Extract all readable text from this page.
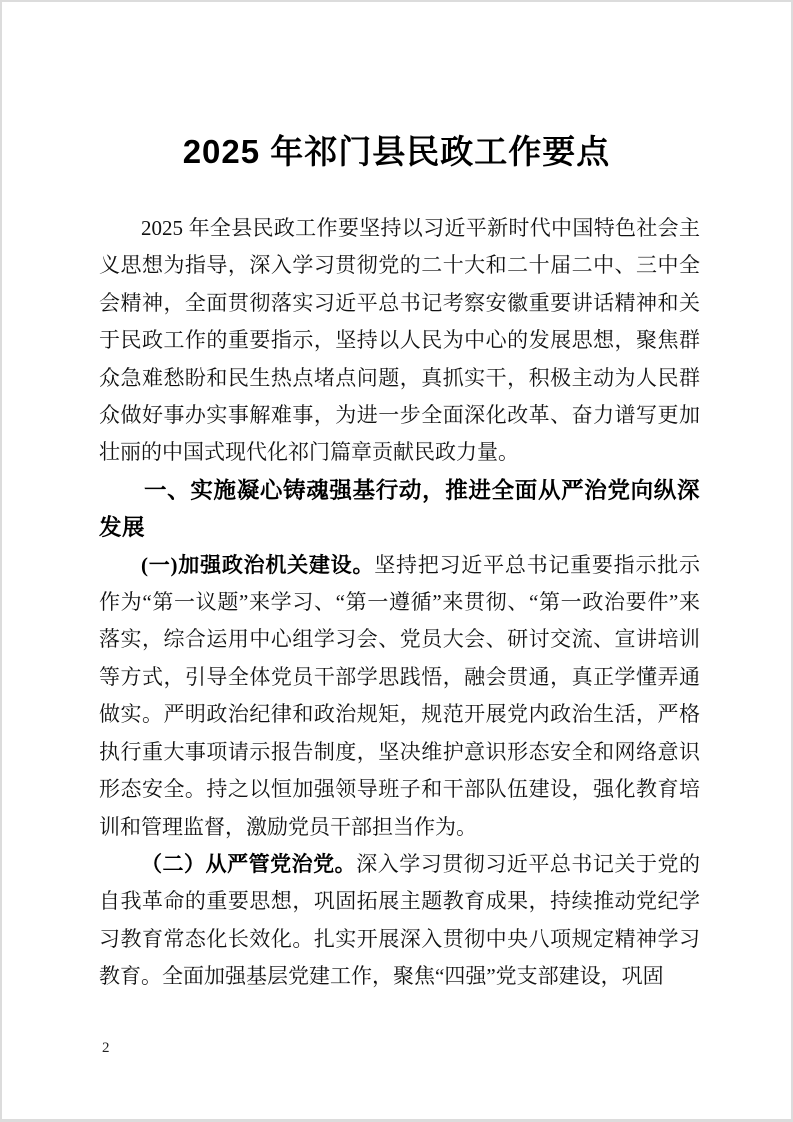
2025 年祁门县民政工作要点

2025 年全县民政工作要坚持以习近平新时代中国特色社会主义思想为指导，深入学习贯彻党的二十大和二十届二中、三中全会精神，全面贯彻落实习近平总书记考察安徽重要讲话精神和关于民政工作的重要指示，坚持以人民为中心的发展思想，聚焦群众急难愁盼和民生热点堵点问题，真抓实干，积极主动为人民群众做好事办实事解难事，为进一步全面深化改革、奋力谱写更加壮丽的中国式现代化祁门篇章贡献民政力量。

一、实施凝心铸魂强基行动，推进全面从严治党向纵深发展

(一)加强政治机关建设。坚持把习近平总书记重要指示批示作为“第一议题”来学习、“第一遵循”来贯彻、“第一政治要件”来落实，综合运用中心组学习会、党员大会、研讨交流、宣讲培训等方式，引导全体党员干部学思践悟，融会贯通，真正学懂弄通做实。严明政治纪律和政治规矩，规范开展党内政治生活，严格执行重大事项请示报告制度，坚决维护意识形态安全和网络意识形态安全。持之以恒加强领导班子和干部队伍建设，强化教育培训和管理监督，激励党员干部担当作为。

（二）从严管党治党。深入学习贯彻习近平总书记关于党的自我革命的重要思想，巩固拓展主题教育成果，持续推动党纪学习教育常态化长效化。扎实开展深入贯彻中央八项规定精神学习教育。全面加强基层党建工作，聚焦“四强”党支部建设，巩固

2
